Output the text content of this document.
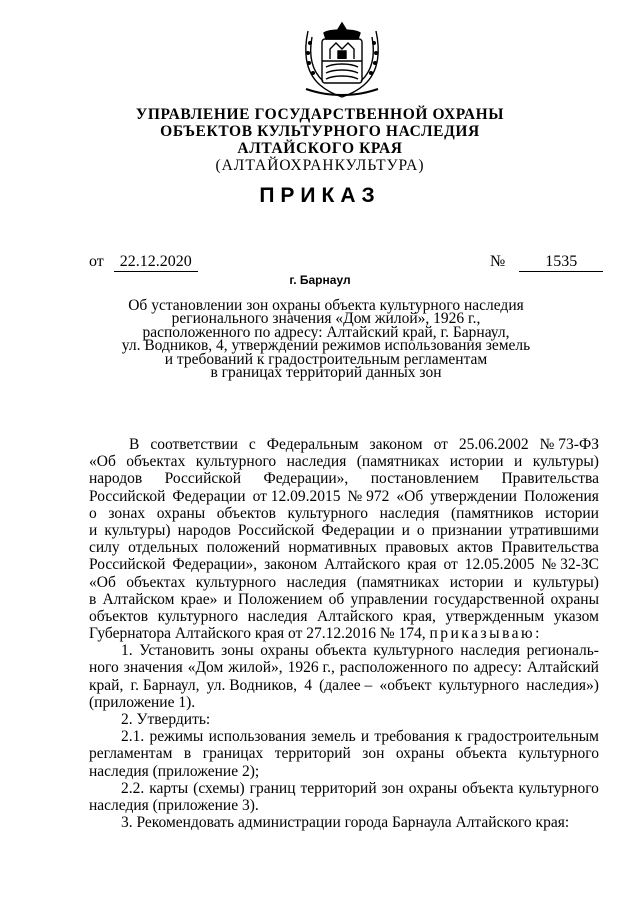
УПРАВЛЕНИЕ ГОСУДАРСТВЕННОЙ ОХРАНЫ
ОБЪЕКТОВ КУЛЬТУРНОГО НАСЛЕДИЯ
АЛТАЙСКОГО КРАЯ
(АЛТАЙОХРАНКУЛЬТУРА)
ПРИКАЗ
от 22.12.2020	№	1535
г. Барнаул
Об установлении зон охраны объекта культурного наследия
регионального значения «Дом жилой», 1926 г.,
расположенного по адресу: Алтайский край, г. Барнаул,
ул. Водников, 4, утверждении режимов использования земель
и требований к градостроительным регламентам
в границах территорий данных зон
В соответствии с Федеральным законом от 25.06.2002 № 73-ФЗ
«Об объектах культурного наследия (памятниках истории и культуры)
народов Российской Федерации», постановлением Правительства
Российской Федерации от 12.09.2015 № 972 «Об утверждении Положения
о зонах охраны объектов культурного наследия (памятников истории
и культуры) народов Российской Федерации и о признании утратившими
силу отдельных положений нормативных правовых актов Правительства
Российской Федерации», законом Алтайского края от 12.05.2005 № 32-ЗС
«Об объектах культурного наследия (памятниках истории и культуры)
в Алтайском крае» и Положением об управлении государственной охраны
объектов культурного наследия Алтайского края, утвержденным указом
Губернатора Алтайского края от 27.12.2016 № 174, приказываю:
1. Установить зоны охраны объекта культурного наследия региональ-
ного значения «Дом жилой», 1926 г., расположенного по адресу: Алтайский
край, г. Барнаул, ул. Водников, 4 (далее – «объект культурного наследия»)
(приложение 1).
2. Утвердить:
2.1. режимы использования земель и требования к градостроительным
регламентам в границах территорий зон охраны объекта культурного
наследия (приложение 2);
2.2. карты (схемы) границ территорий зон охраны объекта культурного
наследия (приложение 3).
3. Рекомендовать администрации города Барнаула Алтайского края:
